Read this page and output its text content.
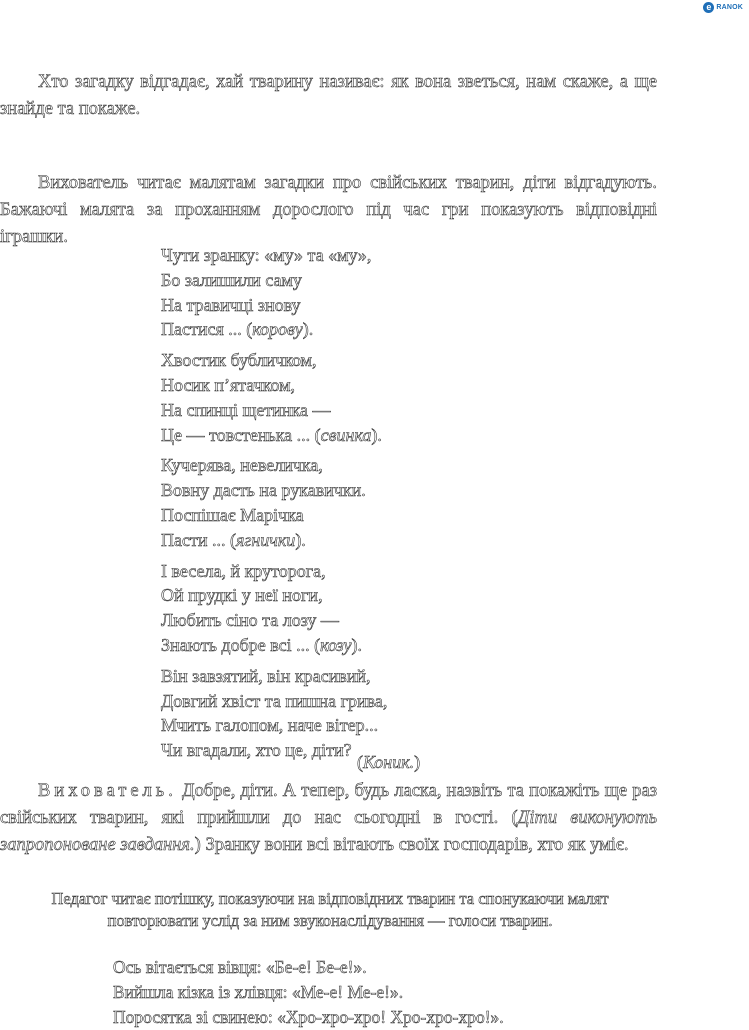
e RANOK

Хто загадку відгадає, хай тварину називає: як вона зветься, нам скаже, а ще знайде та покаже.

Вихователь читає малятам загадки про свійських тварин, діти відгадують. Бажаючі малята за проханням дорослого під час гри показують відповідні іграшки.

Чути зранку: «му» та «му»,
Бо залишили саму
На травичці знову
Пастися ... (корову).
Хвостик бубличком,
Носик п’ятачком,
На спинці щетинка —
Це — товстенька ... (свинка).
Кучерява, невеличка,
Вовну дасть на рукавички.
Поспішає Марічка
Пасти ... (ягнички).
І весела, й круторога,
Ой прудкі у неї ноги,
Любить сіно та лозу —
Знають добре всі ... (козу).
Він завзятий, він красивий,
Довгий хвіст та пишна грива,
Мчить галопом, наче вітер...
Чи вгадали, хто це, діти?
(Коник.)

Вихователь. Добре, діти. А тепер, будь ласка, назвіть та покажіть ще раз свійських тварин, які прийшли до нас сьогодні в гості. (Діти виконують запропоноване завдання.) Зранку вони всі вітають своїх господарів, хто як уміє.

Педагог читає потішку, показуючи на відповідних тварин та спонукаючи малят повторювати услід за ним звуконаслідування — голоси тварин.
Ось вітається вівця: «Бе-е! Бе-е!».
Вийшла кізка із хлівця: «Ме-е! Ме-е!».
Поросятка зі свинею: «Хро-хро-хро! Хро-хро-хро!».
